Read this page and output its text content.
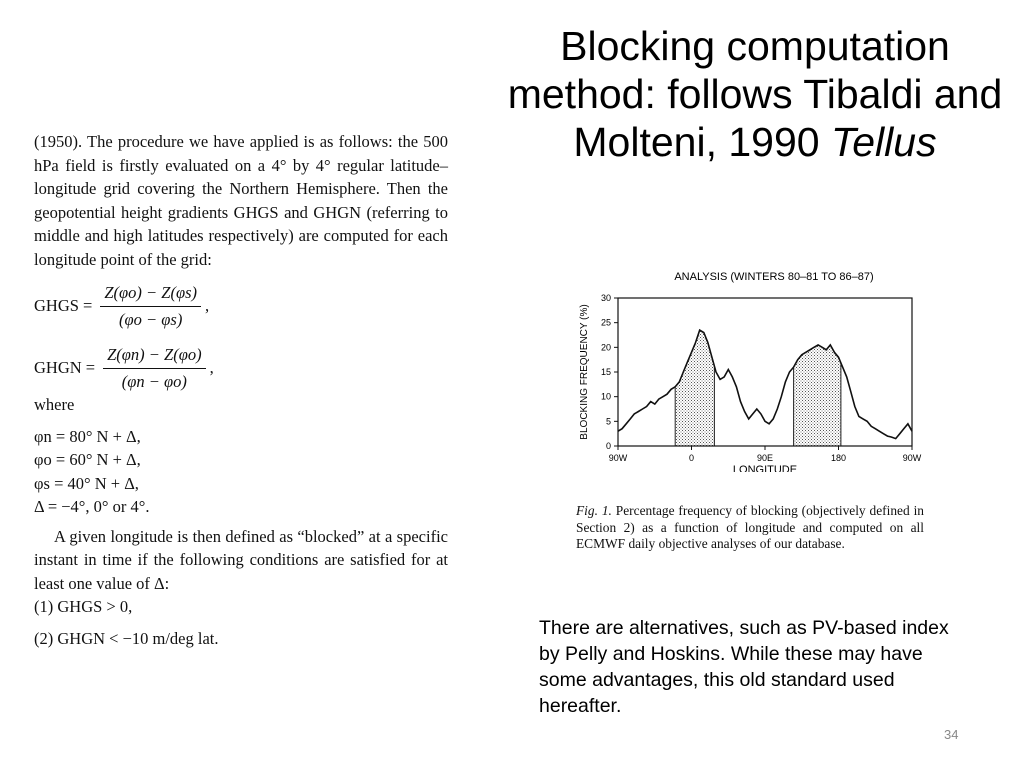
Blocking computation method: follows Tibaldi and Molteni, 1990 Tellus

(1950). The procedure we have applied is as follows: the 500 hPa field is firstly evaluated on a 4° by 4° regular latitude–longitude grid covering the Northern Hemisphere. Then the geopotential height gradients GHGS and GHGN (referring to middle and high latitudes respectively) are computed for each longitude point of the grid:

GHGS = $\frac{Z(\varphi o) - Z(\varphi s)}{(\varphi o - \varphi s)}$ ,
GHGN = $\frac{Z(\varphi n) - Z(\varphi o)}{(\varphi n - \varphi o)}$ ,

where

φn = 80° N + Δ,
φo = 60° N + Δ,
φs = 40° N + Δ,
Δ = −4°, 0° or 4°.

A given longitude is then defined as “blocked” at a specific instant in time if the following conditions are satisfied for at least one value of Δ:

(1) GHGS > 0,

(2) GHGN < −10 m/deg lat.

ANALYSIS (WINTERS 80–81 TO 86–87)
BLOCKING FREQUENCY (%)
LONGITUDE
0
5
10
15
20
25
30
90W	0	90E	180	90W
Fig. 1. Percentage frequency of blocking (objectively defined in Section 2) as a function of longitude and computed on all ECMWF daily objective analyses of our database.
There are alternatives, such as PV-based index by Pelly and Hoskins. While these may have some advantages, this old standard used hereafter.
34
